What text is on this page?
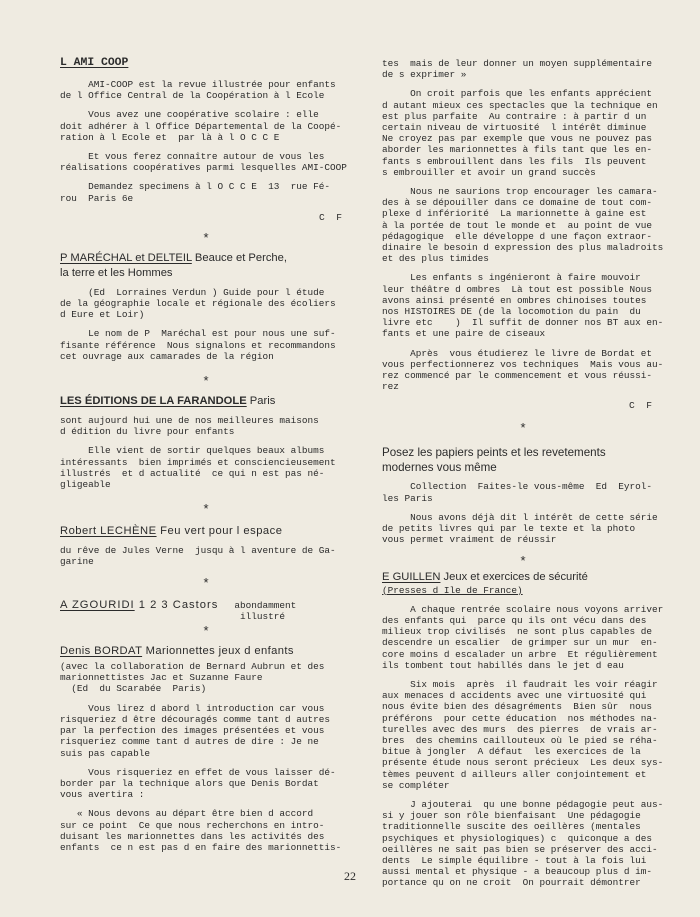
L AMI COOP
AMI-COOP est la revue illustrée pour enfants
de l Office Central de la Coopération à l Ecole
Vous avez une coopérative scolaire : elle
doit adhérer à l Office Départemental de la Coopé-
ration à l Ecole et  par là à l O C C E
Et vous ferez connaître autour de vous les
réalisations coopératives parmi lesquelles AMI-COOP
Demandez specimens à l O C C E  13  rue Fé-
rou  Paris 6e
C  F
*
P MARÉCHAL et DELTEIL Beauce et Perche,
la terre et les Hommes
(Ed  Lorraines Verdun ) Guide pour l étude
de la géographie locale et régionale des écoliers
d Eure et Loir)
Le nom de P  Maréchal est pour nous une suf-
fisante référence  Nous signalons et recommandons
cet ouvrage aux camarades de la région
*
LES ÉDITIONS DE LA FARANDOLE Paris
sont aujourd hui une de nos meilleures maisons
d édition du livre pour enfants
Elle vient de sortir quelques beaux albums
intéressants  bien imprimés et consciencieusement
illustrés  et d actualité  ce qui n est pas né-
gligeable
*
Robert LECHÈNE Feu vert pour l espace
du rêve de Jules Verne  jusqu à l aventure de Ga-
garine
*
A ZGOURIDI 1 2 3 Castors abondamment
illustré
*
Denis BORDAT Marionnettes jeux d enfants
(avec la collaboration de Bernard Aubrun et des
marionnettistes Jac et Suzanne Faure
(Ed  du Scarabée  Paris)
Vous lirez d abord l introduction car vous
risqueriez d être découragés comme tant d autres
par la perfection des images présentées et vous
risqueriez comme tant d autres de dire : Je ne
suis pas capable
Vous risqueriez en effet de vous laisser dé-
border par la technique alors que Denis Bordat
vous avertira :
« Nous devons au départ être bien d accord
sur ce point  Ce que nous recherchons en intro-
duisant les marionnettes dans les activités des
enfants  ce n est pas d en faire des marionnettis-
tes  mais de leur donner un moyen supplémentaire
de s exprimer »
On croit parfois que les enfants apprécient
d autant mieux ces spectacles que la technique en
est plus parfaite  Au contraire : à partir d un
certain niveau de virtuosité  l intérêt diminue
Ne croyez pas par exemple que vous ne pouvez pas
aborder les marionnettes à fils tant que les en-
fants s embrouillent dans les fils  Ils peuvent
s embrouiller et avoir un grand succès
Nous ne saurions trop encourager les camara-
des à se dépouiller dans ce domaine de tout com-
plexe d infériorité  La marionnette à gaine est
à la portée de tout le monde et  au point de vue
pédagogique  elle développe d une façon extraor-
dinaire le besoin d expression des plus maladroits
et des plus timides
Les enfants s ingénieront à faire mouvoir
leur théâtre d ombres  Là tout est possible Nous
avons ainsi présenté en ombres chinoises toutes
nos HISTOIRES DE (de la locomotion du pain  du
livre etc    )  Il suffit de donner nos BT aux en-
fants et une paire de ciseaux
Après  vous étudierez le livre de Bordat et
vous perfectionnerez vos techniques  Mais vous au-
rez commencé par le commencement et vous réussi-
rez
C  F
*
Posez les papiers peints et les revetements
modernes vous même
Collection  Faites-le vous-même  Ed  Eyrol-
les Paris
Nous avons déjà dit l intérêt de cette série
de petits livres qui par le texte et la photo
vous permet vraiment de réussir
*
E GUILLEN Jeux et exercices de sécurité
(Presses d Ile de France)
A chaque rentrée scolaire nous voyons arriver
des enfants qui  parce qu ils ont vécu dans des
milieux trop civilisés  ne sont plus capables de
descendre un escalier  de grimper sur un mur  en-
core moins d escalader un arbre  Et régulièrement
ils tombent tout habillés dans le jet d eau
Six mois  après  il faudrait les voir réagir
aux menaces d accidents avec une virtuosité qui
nous évite bien des désagréments  Bien sûr  nous
préférons  pour cette éducation  nos méthodes na-
turelles avec des murs  des pierres  de vrais ar-
bres  des chemins caillouteux où le pied se réha-
bitue à jongler  A défaut  les exercices de la
présente étude nous seront précieux  Les deux sys-
tèmes peuvent d ailleurs aller conjointement et
se compléter
J ajouterai  qu une bonne pédagogie peut aus-
si y jouer son rôle bienfaisant  Une pédagogie
traditionnelle suscite des oeillères (mentales
psychiques et physiologiques) c  quiconque a des
oeillères ne sait pas bien se préserver des acci-
dents  Le simple équilibre - tout à la fois lui
aussi mental et physique - a beaucoup plus d im-
portance qu on ne croit  On pourrait démontrer
22
